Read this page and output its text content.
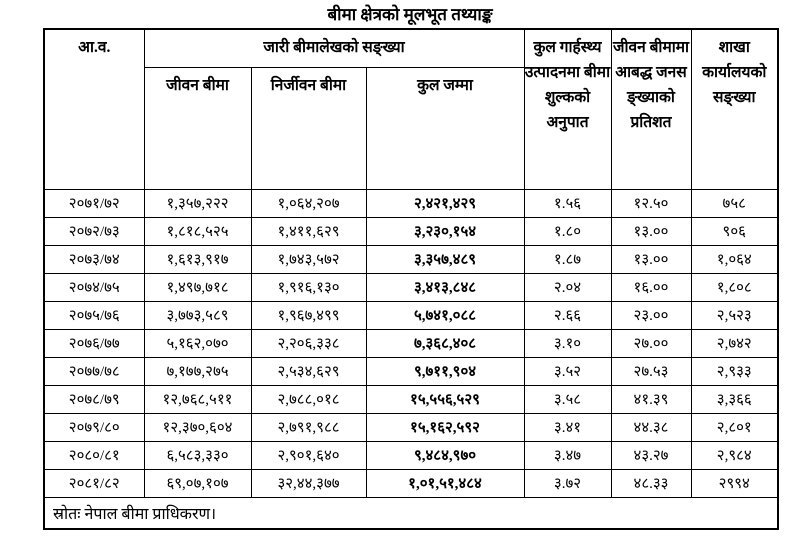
बीमा क्षेत्रको मूलभूत तथ्याङ्क
आ.व.	जारी बीमालेखको सङ्ख्या			कुल गार्हस्थ्य उत्पादनमा बीमा शुल्कको अनुपात	जीवन बीमामा आबद्ध जनस ङ्ख्याको प्रतिशत	शाखा कार्यालयको सङ्ख्या
	जीवन बीमा	निर्जीवन बीमा	कुल जम्मा			
२०७१/७२	१,३५७,२२२	१,०६४,२०७	२,४२१,४२९	१.५६	१२.५०	७५८
२०७२/७३	१,८१८,५२५	१,४११,६२९	३,२३०,१५४	१.८०	१३.००	९०६
२०७३/७४	१,६१३,९१७	१,७४३,५७२	३,३५७,४८९	१.८७	१३.००	१,०६४
२०७४/७५	१,४९७,७१८	१,९१६,१३०	३,४१३,८४८	२.०४	१६.००	१,८०८
२०७५/७६	३,७७३,५८९	१,९६७,४९९	५,७४१,०८८	२.६६	२३.००	२,५२३
२०७६/७७	५,१६२,०७०	२,२०६,३३८	७,३६८,४०८	३.१०	२७.००	२,७४२
२०७७/७८	७,१७७,२७५	२,५३४,६२९	९,७११,९०४	३.५२	२७.५३	२,९३३
२०७८/७९	१२,७६८,५११	२,७८८,०१८	१५,५५६,५२९	३.५८	४१.३९	३,३६६
२०७९/८०	१२,३७०,६०४	२,७९१,९८८	१५,१६२,५९२	३.४१	४४.३८	२,८०१
२०८०/८१	६,५८३,३३०	२,९०१,६४०	९,४८४,९७०	३.४७	४३.२७	२,९८४
२०८१/८२	६९,०७,१०७	३२,४४,३७७	१,०१,५१,४८४	३.७२	४८.३३	२९९४
स्रोतः नेपाल बीमा प्राधिकरण।						
